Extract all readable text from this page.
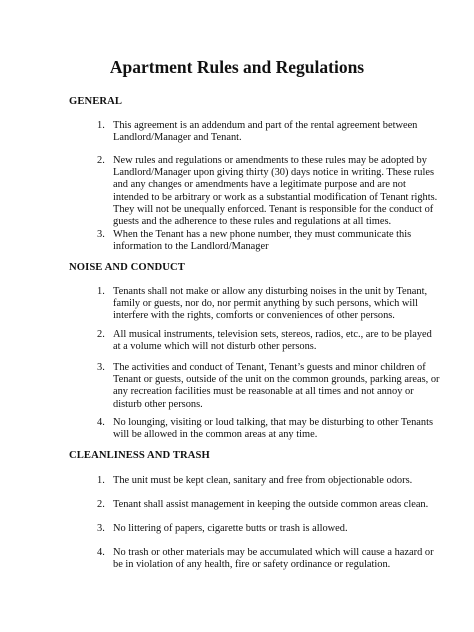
Apartment Rules and Regulations
GENERAL
1. This agreement is an addendum and part of the rental agreement between
Landlord/Manager and Tenant.
2. New rules and regulations or amendments to these rules may be adopted by
Landlord/Manager upon giving thirty (30) days notice in writing. These rules
and any changes or amendments have a legitimate purpose and are not
intended to be arbitrary or work as a substantial modification of Tenant rights.
They will not be unequally enforced. Tenant is responsible for the conduct of
guests and the adherence to these rules and regulations at all times.
3. When the Tenant has a new phone number, they must communicate this
information to the Landlord/Manager
NOISE AND CONDUCT
1. Tenants shall not make or allow any disturbing noises in the unit by Tenant,
family or guests, nor do, nor permit anything by such persons, which will
interfere with the rights, comforts or conveniences of other persons.
2. All musical instruments, television sets, stereos, radios, etc., are to be played
at a volume which will not disturb other persons.
3. The activities and conduct of Tenant, Tenant’s guests and minor children of
Tenant or guests, outside of the unit on the common grounds, parking areas, or
any recreation facilities must be reasonable at all times and not annoy or
disturb other persons.
4. No lounging, visiting or loud talking, that may be disturbing to other Tenants
will be allowed in the common areas at any time.
CLEANLINESS AND TRASH
1. The unit must be kept clean, sanitary and free from objectionable odors.
2. Tenant shall assist management in keeping the outside common areas clean.
3. No littering of papers, cigarette butts or trash is allowed.
4. No trash or other materials may be accumulated which will cause a hazard or
be in violation of any health, fire or safety ordinance or regulation.
